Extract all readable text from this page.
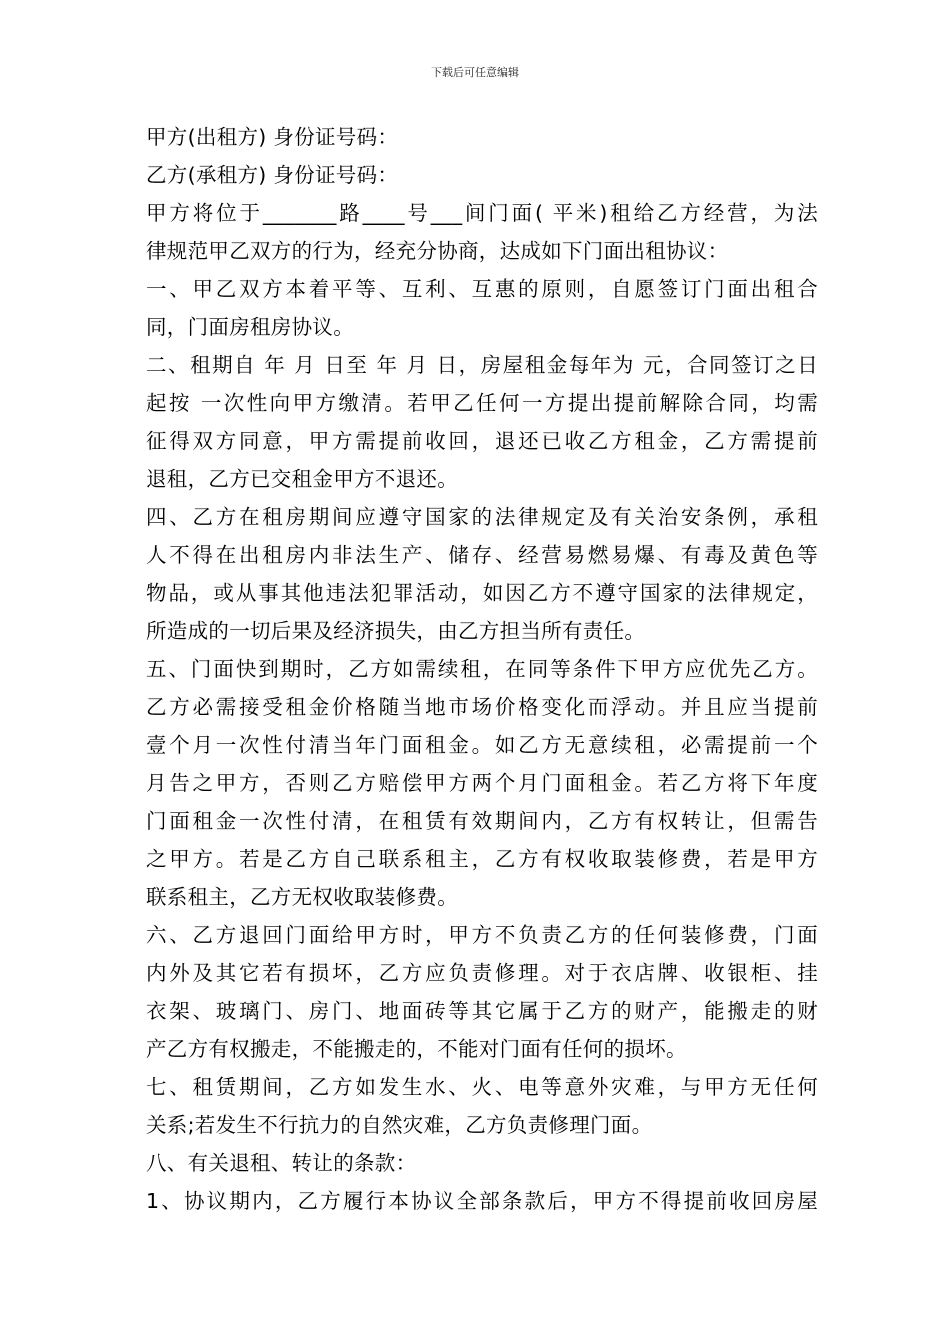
下载后可任意编辑
甲方(出租方) 身份证号码：
乙方(承租方) 身份证号码：
甲方将位于_______路____号___间门面( 平米)租给乙方经营，为法
律规范甲乙双方的行为，经充分协商，达成如下门面出租协议：
一、甲乙双方本着平等、互利、互惠的原则，自愿签订门面出租合
同，门面房租房协议。
二、租期自 年 月 日至 年 月 日，房屋租金每年为 元，合同签订之日
起按 一次性向甲方缴清。若甲乙任何一方提出提前解除合同，均需
征得双方同意，甲方需提前收回，退还已收乙方租金，乙方需提前
退租，乙方已交租金甲方不退还。
四、乙方在租房期间应遵守国家的法律规定及有关治安条例，承租
人不得在出租房内非法生产、储存、经营易燃易爆、有毒及黄色等
物品，或从事其他违法犯罪活动，如因乙方不遵守国家的法律规定，
所造成的一切后果及经济损失，由乙方担当所有责任。
五、门面快到期时，乙方如需续租，在同等条件下甲方应优先乙方。
乙方必需接受租金价格随当地市场价格变化而浮动。并且应当提前
壹个月一次性付清当年门面租金。如乙方无意续租，必需提前一个
月告之甲方，否则乙方赔偿甲方两个月门面租金。若乙方将下年度
门面租金一次性付清，在租赁有效期间内，乙方有权转让，但需告
之甲方。若是乙方自己联系租主，乙方有权收取装修费，若是甲方
联系租主，乙方无权收取装修费。
六、乙方退回门面给甲方时，甲方不负责乙方的任何装修费，门面
内外及其它若有损坏，乙方应负责修理。对于衣店牌、收银柜、挂
衣架、玻璃门、房门、地面砖等其它属于乙方的财产，能搬走的财
产乙方有权搬走，不能搬走的，不能对门面有任何的损坏。
七、租赁期间，乙方如发生水、火、电等意外灾难，与甲方无任何
关系;若发生不行抗力的自然灾难，乙方负责修理门面。
八、有关退租、转让的条款：
1、协议期内，乙方履行本协议全部条款后，甲方不得提前收回房屋
